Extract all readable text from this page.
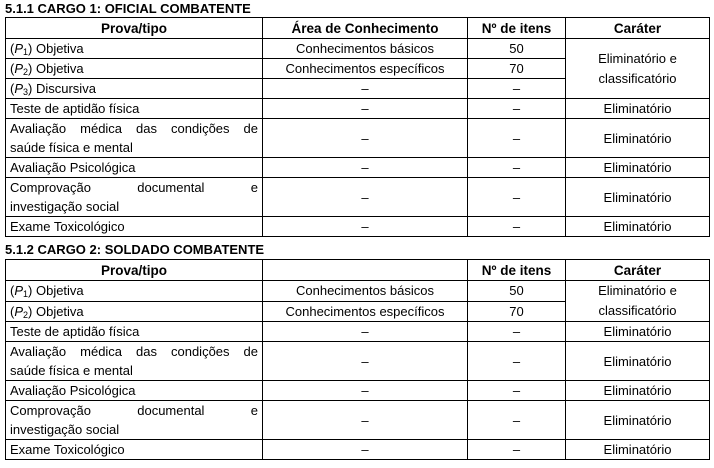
5.1.1 CARGO 1: OFICIAL COMBATENTE
Prova/tipo	Área de Conhecimento	Nº de itens	Caráter
$(P_1)$ Objetiva	Conhecimentos básicos	50	Eliminatório e classificatório
$(P_2)$ Objetiva	Conhecimentos específicos	70	
$(P_3)$ Discursiva	–	–	
Teste de aptidão física	–	–	Eliminatório

Avaliação médica das condições de
saúde física e mental	–	–	Eliminatório
Avaliação Psicológica	–	–	Eliminatório

Comprovação documental e
investigação social	–	–	Eliminatório
Exame Toxicológico	–	–	Eliminatório
5.1.2 CARGO 2: SOLDADO COMBATENTE
Prova/tipo		Nº de itens	Caráter
$(P_1)$ Objetiva	Conhecimentos básicos	50	Eliminatório e classificatório
$(P_2)$ Objetiva	Conhecimentos específicos	70	
Teste de aptidão física	–	–	Eliminatório

Avaliação médica das condições de
saúde física e mental	–	–	Eliminatório
Avaliação Psicológica	–	–	Eliminatório

Comprovação documental e
investigação social	–	–	Eliminatório
Exame Toxicológico	–	–	Eliminatório
